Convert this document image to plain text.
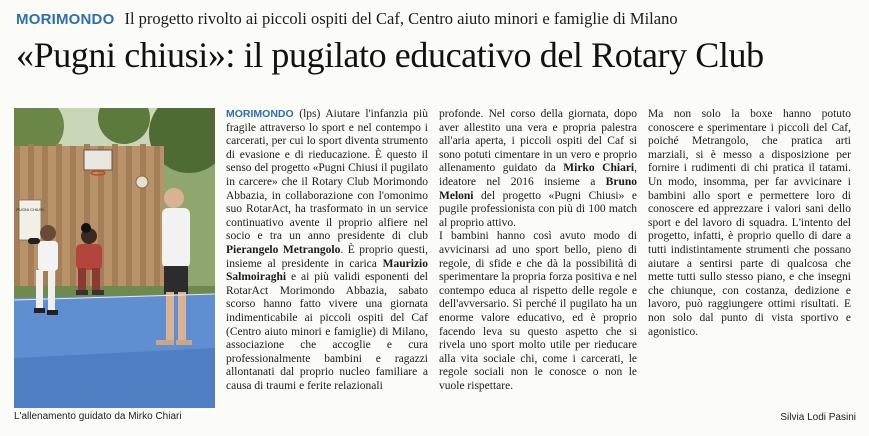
MORIMONDO Il progetto rivolto ai piccoli ospiti del Caf, Centro aiuto minori e famiglie di Milano
«Pugni chiusi»: il pugilato educativo del Rotary Club
PUGNI CHIUSI
L'allenamento guidato da Mirko Chiari

MORIMONDO (lps) Aiutare l'infanzia più fragile attraverso lo sport e nel contempo i carcerati, per cui lo sport diventa strumento di evasione e di rieducazione. È questo il senso del progetto «Pugni Chiusi il pugilato in carcere» che il Rotary Club Morimondo Abbazia, in collaborazione con l'omonimo suo RotarAct, ha trasformato in un service continuativo avente il proprio alfiere nel socio e tra un anno presidente di club Pierangelo Metrangolo. È proprio questi, insieme al presidente in carica Maurizio Salmoiraghi e ai più validi esponenti del RotarAct Morimondo Abbazia, sabato scorso hanno fatto vivere una giornata indimenticabile ai piccoli ospiti del Caf (Centro aiuto minori e famiglie) di Milano, associazione che accoglie e cura professionalmente bambini e ragazzi allontanati dal proprio nucleo familiare a causa di traumi e ferite relazionali

profonde. Nel corso della giornata, dopo aver allestito una vera e propria palestra all'aria aperta, i piccoli ospiti del Caf si sono potuti cimentare in un vero e proprio allenamento guidato da Mirko Chiari, ideatore nel 2016 insieme a Bruno Meloni del progetto «Pugni Chiusi» e pugile professionista con più di 100 match al proprio attivo.

I bambini hanno così avuto modo di avvicinarsi ad uno sport bello, pieno di regole, di sfide e che dà la possibilità di sperimentare la propria forza positiva e nel contempo educa al rispetto delle regole e dell'avversario. Sì perché il pugilato ha un enorme valore educativo, ed è proprio facendo leva su questo aspetto che si rivela uno sport molto utile per rieducare alla vita sociale chi, come i carcerati, le regole sociali non le conosce o non le vuole rispettare.

Ma non solo la boxe hanno potuto conoscere e sperimentare i piccoli del Caf, poiché Metrangolo, che pratica arti marziali, si è messo a disposizione per fornire i rudimenti di chi pratica il tatami. Un modo, insomma, per far avvicinare i bambini allo sport e permettere loro di conoscere ed apprezzare i valori sani dello sport e del lavoro di squadra. L'intento del progetto, infatti, è proprio quello di dare a tutti indistintamente strumenti che possano aiutare a sentirsi parte di qualcosa che mette tutti sullo stesso piano, e che insegni che chiunque, con costanza, dedizione e lavoro, può raggiungere ottimi risultati. E non solo dal punto di vista sportivo e agonistico.

Silvia Lodi Pasini
